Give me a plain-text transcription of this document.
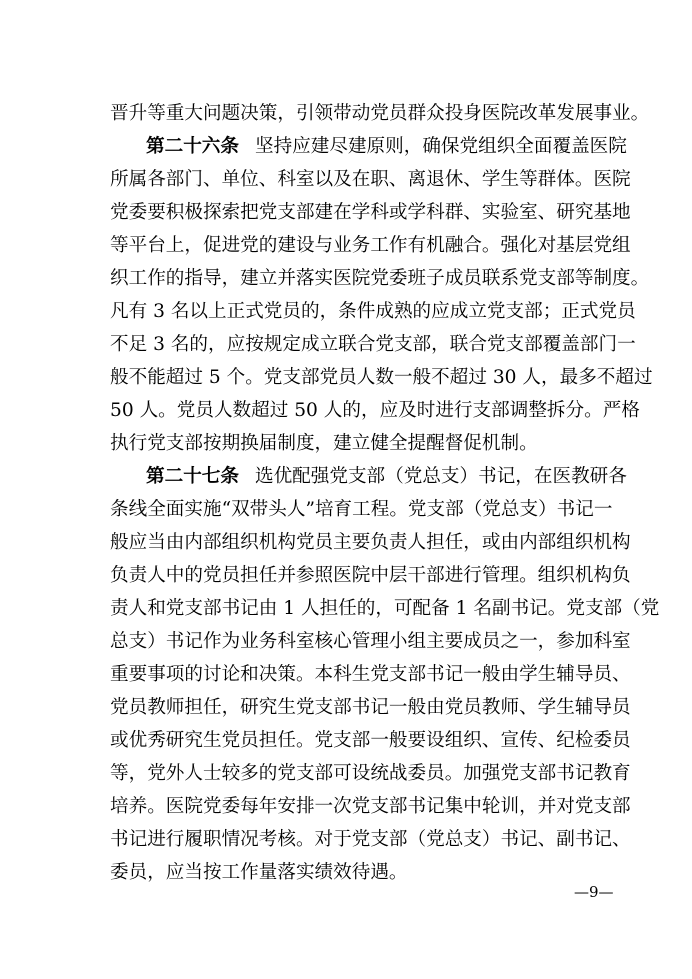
晋升等重大问题决策，引领带动党员群众投身医院改革发展事业。
第二十六条 坚持应建尽建原则，确保党组织全面覆盖医院
所属各部门、单位、科室以及在职、离退休、学生等群体。医院
党委要积极探索把党支部建在学科或学科群、实验室、研究基地
等平台上，促进党的建设与业务工作有机融合。强化对基层党组
织工作的指导，建立并落实医院党委班子成员联系党支部等制度。
凡有 3 名以上正式党员的，条件成熟的应成立党支部；正式党员
不足 3 名的，应按规定成立联合党支部，联合党支部覆盖部门一
般不能超过 5 个。党支部党员人数一般不超过 30 人，最多不超过
50 人。党员人数超过 50 人的，应及时进行支部调整拆分。严格
执行党支部按期换届制度，建立健全提醒督促机制。
第二十七条 选优配强党支部（党总支）书记，在医教研各
条线全面实施“双带头人”培育工程。党支部（党总支）书记一
般应当由内部组织机构党员主要负责人担任，或由内部组织机构
负责人中的党员担任并参照医院中层干部进行管理。组织机构负
责人和党支部书记由 1 人担任的，可配备 1 名副书记。党支部（党
总支）书记作为业务科室核心管理小组主要成员之一，参加科室
重要事项的讨论和决策。本科生党支部书记一般由学生辅导员、
党员教师担任，研究生党支部书记一般由党员教师、学生辅导员
或优秀研究生党员担任。党支部一般要设组织、宣传、纪检委员
等，党外人士较多的党支部可设统战委员。加强党支部书记教育
培养。医院党委每年安排一次党支部书记集中轮训，并对党支部
书记进行履职情况考核。对于党支部（党总支）书记、副书记、
委员，应当按工作量落实绩效待遇。
—9—
